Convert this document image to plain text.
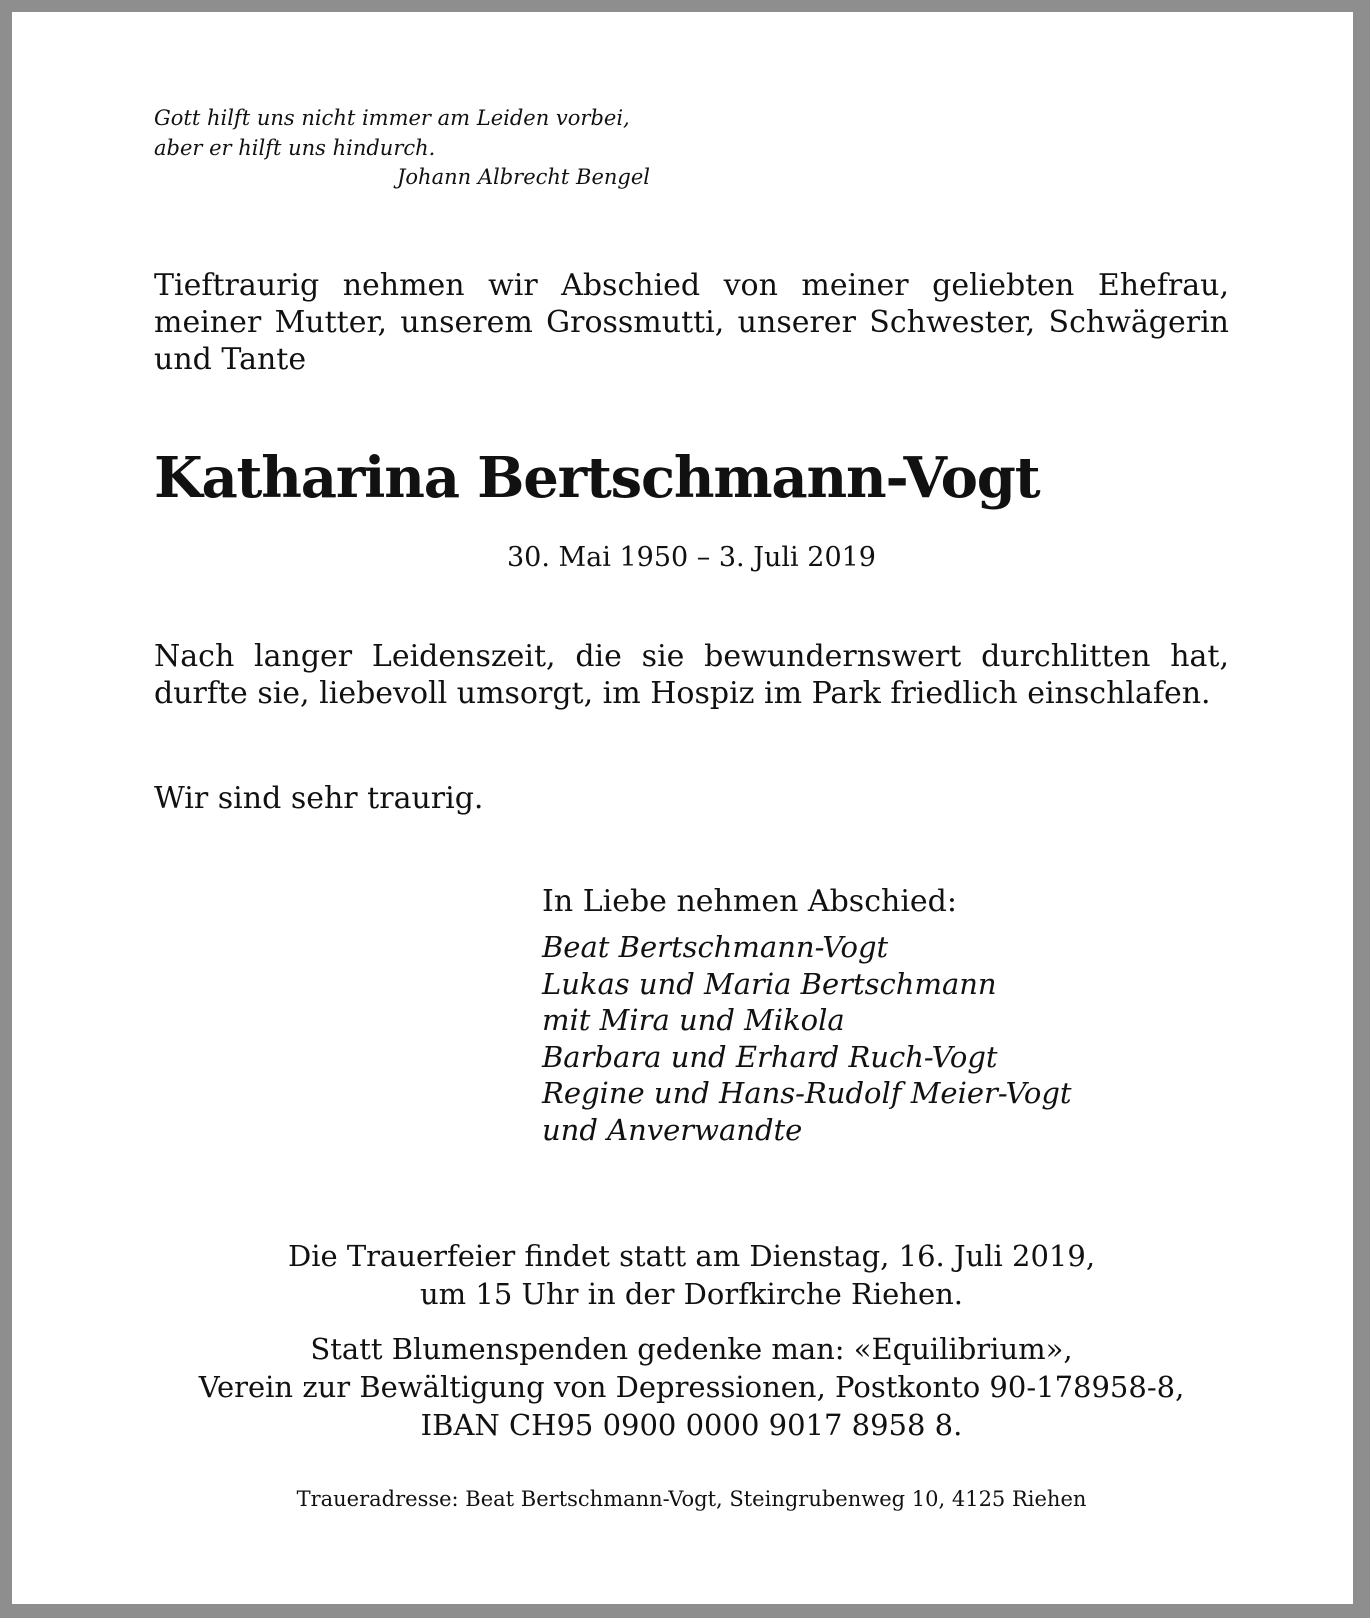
Gott hilft uns nicht immer am Leiden vorbei,
aber er hilft uns hindurch.

Johann Albrecht Bengel

Tieftraurig nehmen wir Abschied von meiner geliebten Ehefrau, meiner Mutter, unserem Grossmutti, unserer Schwester, Schwägerin und Tante

Katharina Bertschmann-Vogt

30. Mai 1950 – 3. Juli 2019

Nach langer Leidenszeit, die sie bewundernswert durchlitten hat, durfte sie, liebevoll umsorgt, im Hospiz im Park friedlich einschlafen.

Wir sind sehr traurig.

In Liebe nehmen Abschied:

Beat Bertschmann-Vogt
Lukas und Maria Bertschmann
mit Mira und Mikola
Barbara und Erhard Ruch-Vogt
Regine und Hans-Rudolf Meier-Vogt
und Anverwandte

Die Trauerfeier findet statt am Dienstag, 16. Juli 2019,
um 15 Uhr in der Dorfkirche Riehen.

Statt Blumenspenden gedenke man: «Equilibrium»,
Verein zur Bewältigung von Depressionen, Postkonto 90-178958-8,
IBAN CH95 0900 0000 9017 8958 8.

Traueradresse: Beat Bertschmann-Vogt, Steingrubenweg 10, 4125 Riehen
